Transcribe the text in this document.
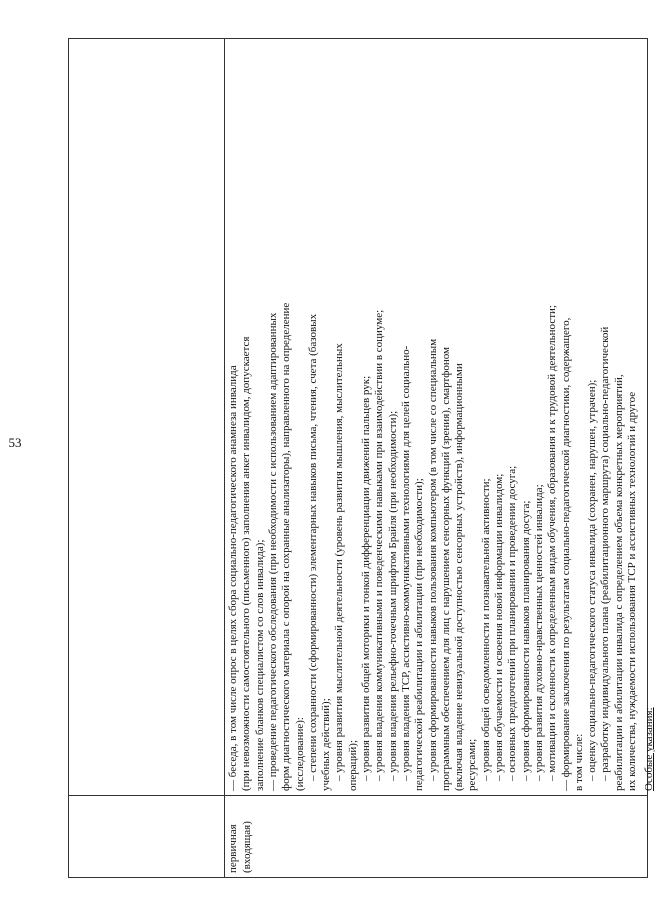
53
первичная (входящая)
— беседа, в том числе опрос в целях сбора социально-педагогического анамнеза инвалида (при невозможности самостоятельного (письменного) заполнения анкет инвалидом, допускается заполнение бланков специалистом со слов инвалида); — проведение педагогического обследования (при необходимости с использованием адаптированных форм диагностического материала с опорой на сохранные анализаторы), направленного на определение (исследование): – степени сохранности (сформированности) элементарных навыков письма, чтения, счета (базовых учебных действий); – уровня развития мыслительной деятельности (уровень развития мышления, мыслительных операций); – уровня развития общей моторики и тонкой дифференциации движений пальцев рук; – уровня владения коммуникативными и поведенческими навыками при взаимодействии в социуме; – уровня владения рельефно-точечным шрифтом Брайля (при необходимости); – уровня владения ТСР, ассистивно-коммуникативными технологиями для целей социально- педагогической реабилитации и абилитации (при необходимости); – уровня сформированности навыков пользования компьютером (в том числе со специальным программным обеспечением для лиц с нарушением сенсорных функций (зрения), смартфоном (включая владение невизуальной доступностью сенсорных устройств), информационными ресурсами; – уровня общей осведомленности и познавательной активности; – уровня обучаемости и освоения новой информации инвалидом; – основных предпочтений при планировании и проведении досуга; – уровня сформированности навыков планирования досуга; – уровня развития духовно-нравственных ценностей инвалида; – мотивации и склонности к определенным видам обучения, образования и к трудовой деятельности; — формирование заключения по результатам социально-педагогической диагностики, содержащего, в том числе: – оценку социально-педагогического статуса инвалида (сохранен, нарушен, утрачен); – разработку индивидуального плана (реабилитационного маршрута) социально-педагогической реабилитации и абилитации инвалида с определением объема конкретных мероприятий, их количества, нуждаемости использования ТСР и ассистивных технологий и другое Особые указания:
